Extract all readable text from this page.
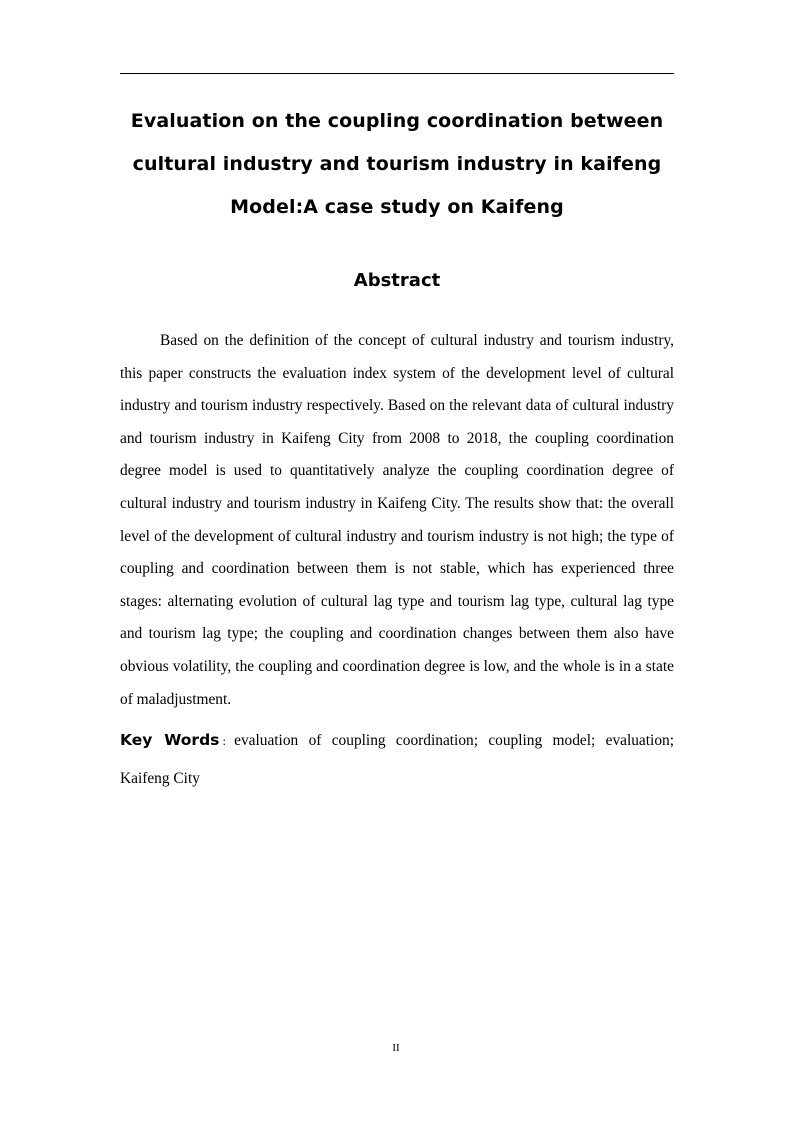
Evaluation on the coupling coordination between
cultural industry and tourism industry in kaifeng
Model:A case study on Kaifeng
Abstract

Based on the definition of the concept of cultural industry and tourism industry, this paper constructs the evaluation index system of the development level of cultural industry and tourism industry respectively. Based on the relevant data of cultural industry and tourism industry in Kaifeng City from 2008 to 2018, the coupling coordination degree model is used to quantitatively analyze the coupling coordination degree of cultural industry and tourism industry in Kaifeng City. The results show that: the overall level of the development of cultural industry and tourism industry is not high; the type of coupling and coordination between them is not stable, which has experienced three stages: alternating evolution of cultural lag type and tourism lag type, cultural lag type and tourism lag type; the coupling and coordination changes between them also have obvious volatility, the coupling and coordination degree is low, and the whole is in a state of maladjustment.

Key Words : evaluation of coupling coordination; coupling model; evaluation; Kaifeng City

II
